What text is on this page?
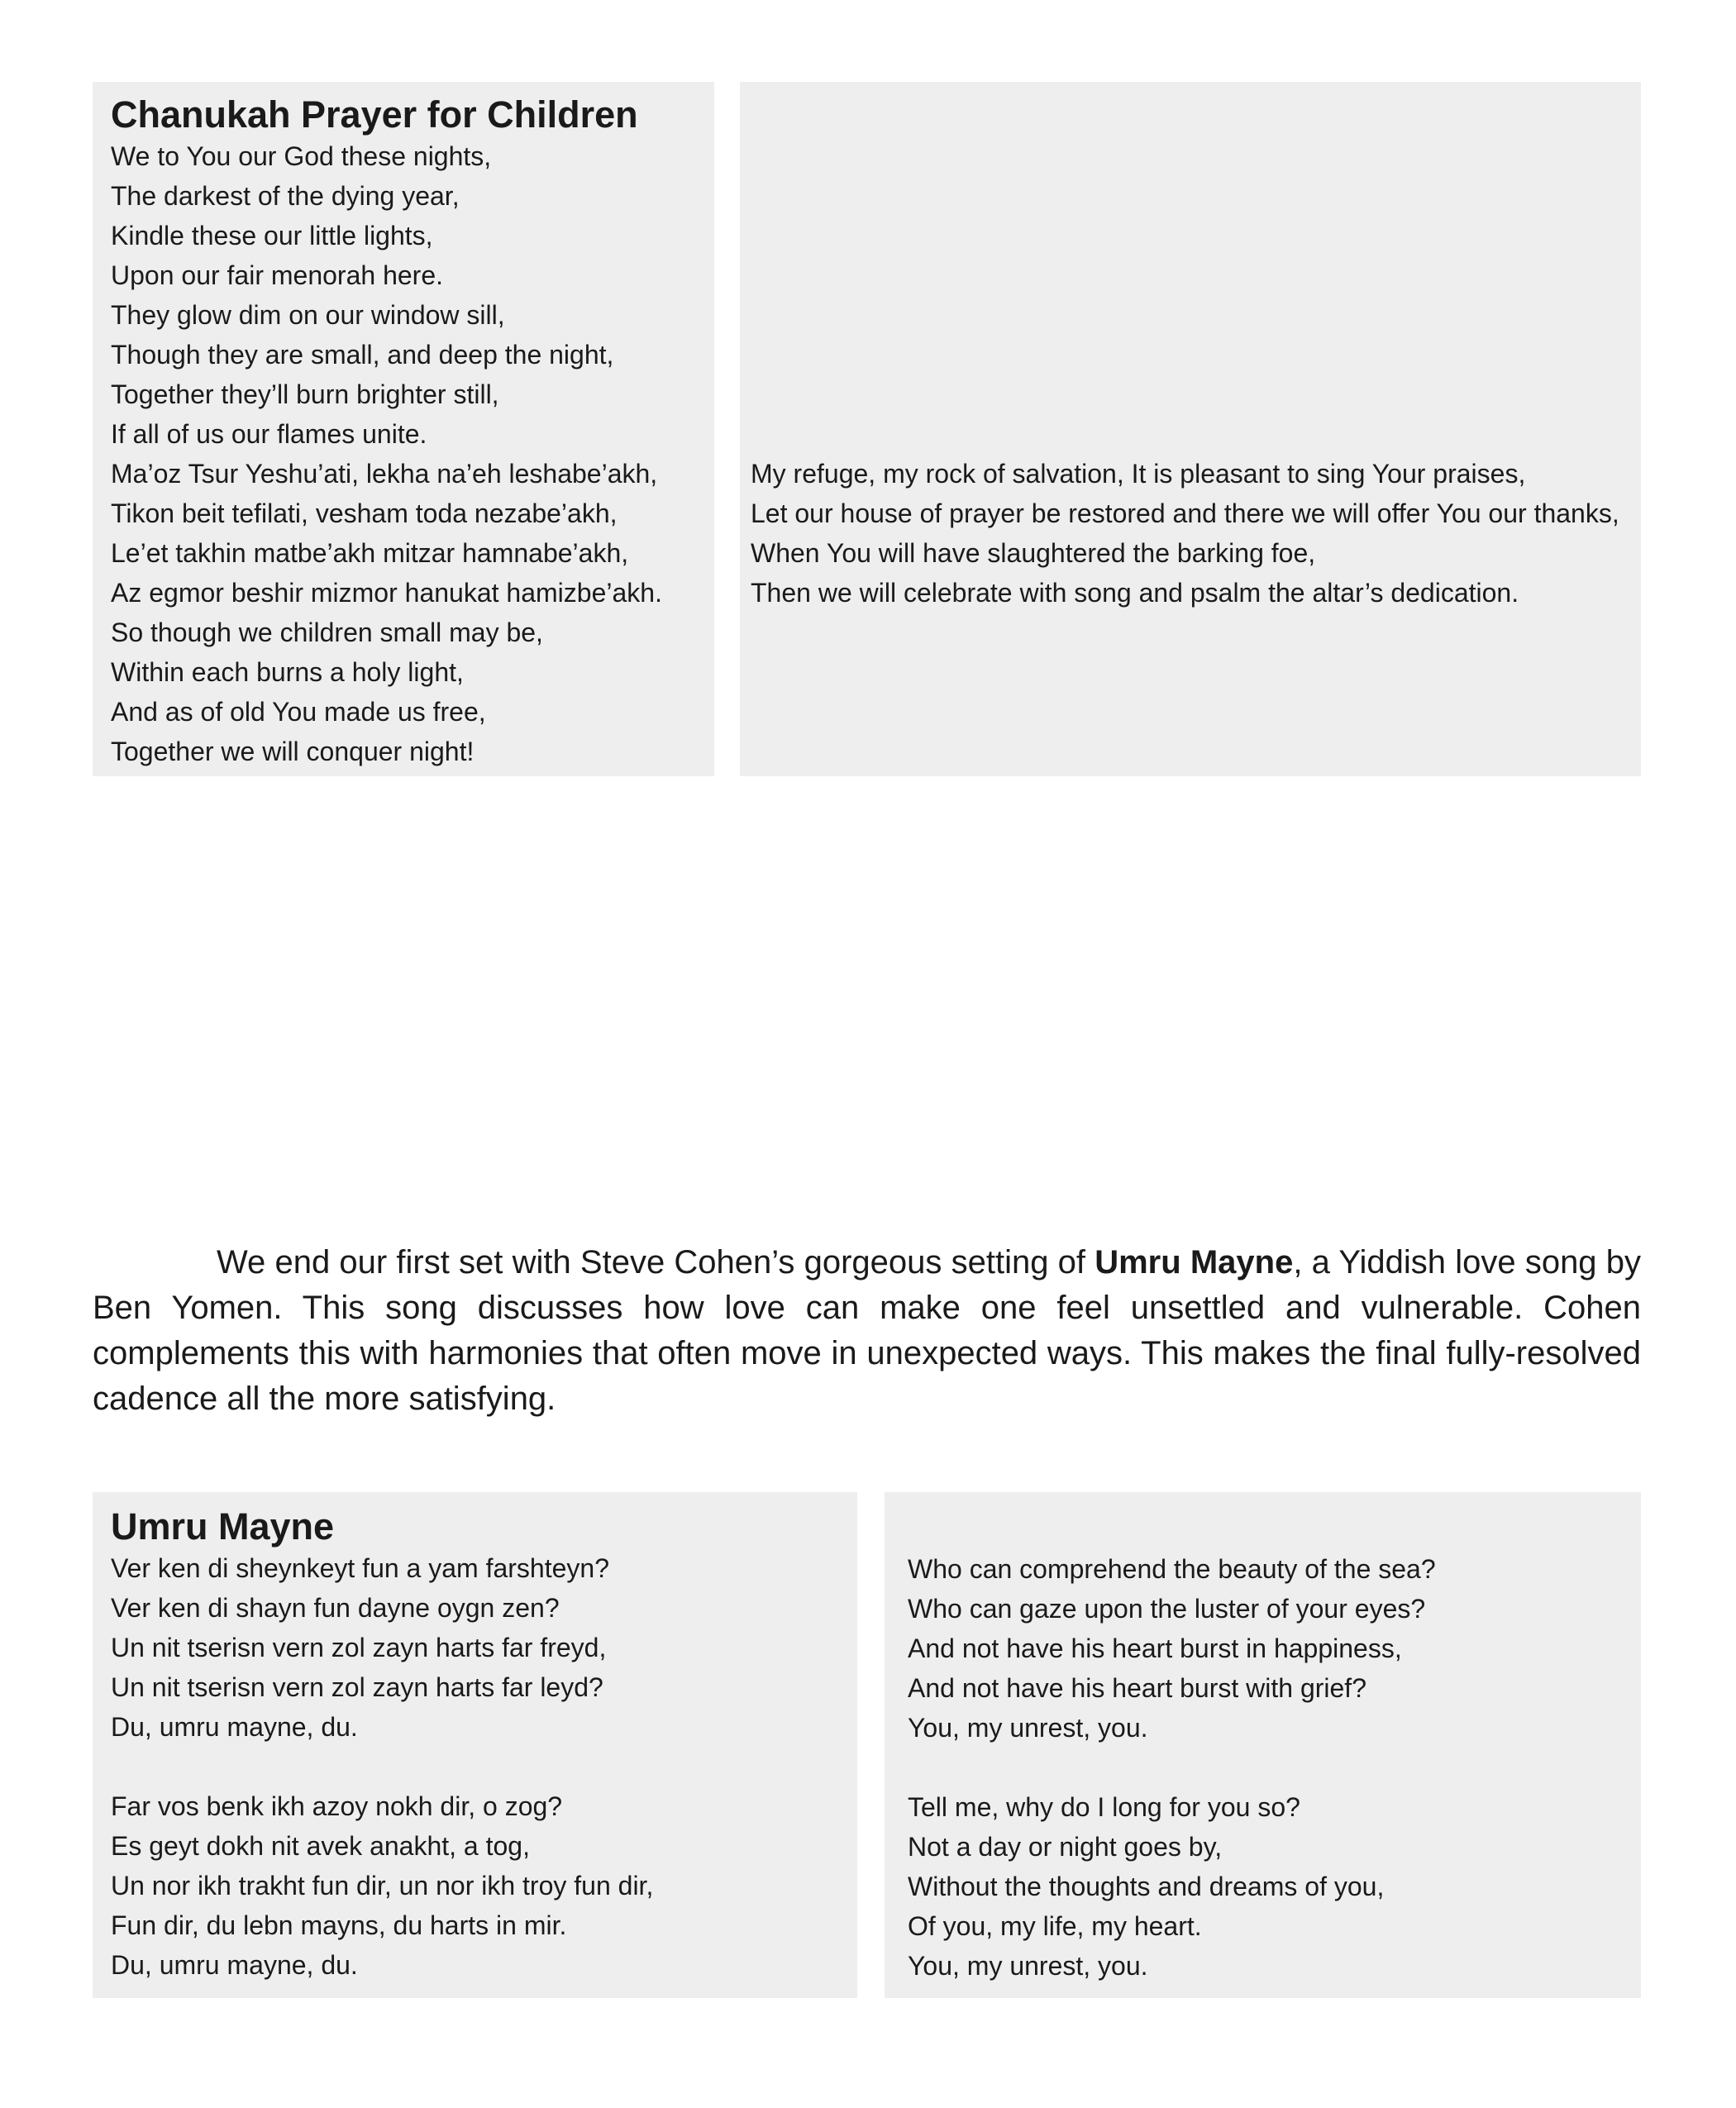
Chanukah Prayer for Children
We to You our God these nights,
The darkest of the dying year,
Kindle these our little lights,
Upon our fair menorah here.
They glow dim on our window sill,
Though they are small, and deep the night,
Together they’ll burn brighter still,
If all of us our flames unite.
Ma’oz Tsur Yeshu’ati, lekha na’eh leshabe’akh,
Tikon beit tefilati, vesham toda nezabe’akh,
Le’et takhin matbe’akh mitzar hamnabe’akh,
Az egmor beshir mizmor hanukat hamizbe’akh.
So though we children small may be,
Within each burns a holy light,
And as of old You made us free,
Together we will conquer night!
My refuge, my rock of salvation, It is pleasant to sing Your praises,
Let our house of prayer be restored and there we will offer You our thanks,
When You will have slaughtered the barking foe,
Then we will celebrate with song and psalm the altar’s dedication.

We end our first set with Steve Cohen’s gorgeous setting of Umru Mayne, a Yiddish love song by Ben Yomen. This song discusses how love can make one feel unsettled and vulnerable. Cohen complements this with harmonies that often move in unexpected ways. This makes the final fully-resolved cadence all the more satisfying.

Umru Mayne
Ver ken di sheynkeyt fun a yam farshteyn?
Ver ken di shayn fun dayne oygn zen?
Un nit tserisn vern zol zayn harts far freyd,
Un nit tserisn vern zol zayn harts far leyd?
Du, umru mayne, du.
Far vos benk ikh azoy nokh dir, o zog?
Es geyt dokh nit avek anakht, a tog,
Un nor ikh trakht fun dir, un nor ikh troy fun dir,
Fun dir, du lebn mayns, du harts in mir.
Du, umru mayne, du.
Who can comprehend the beauty of the sea?
Who can gaze upon the luster of your eyes?
And not have his heart burst in happiness,
And not have his heart burst with grief?
You, my unrest, you.
Tell me, why do I long for you so?
Not a day or night goes by,
Without the thoughts and dreams of you,
Of you, my life, my heart.
You, my unrest, you.
